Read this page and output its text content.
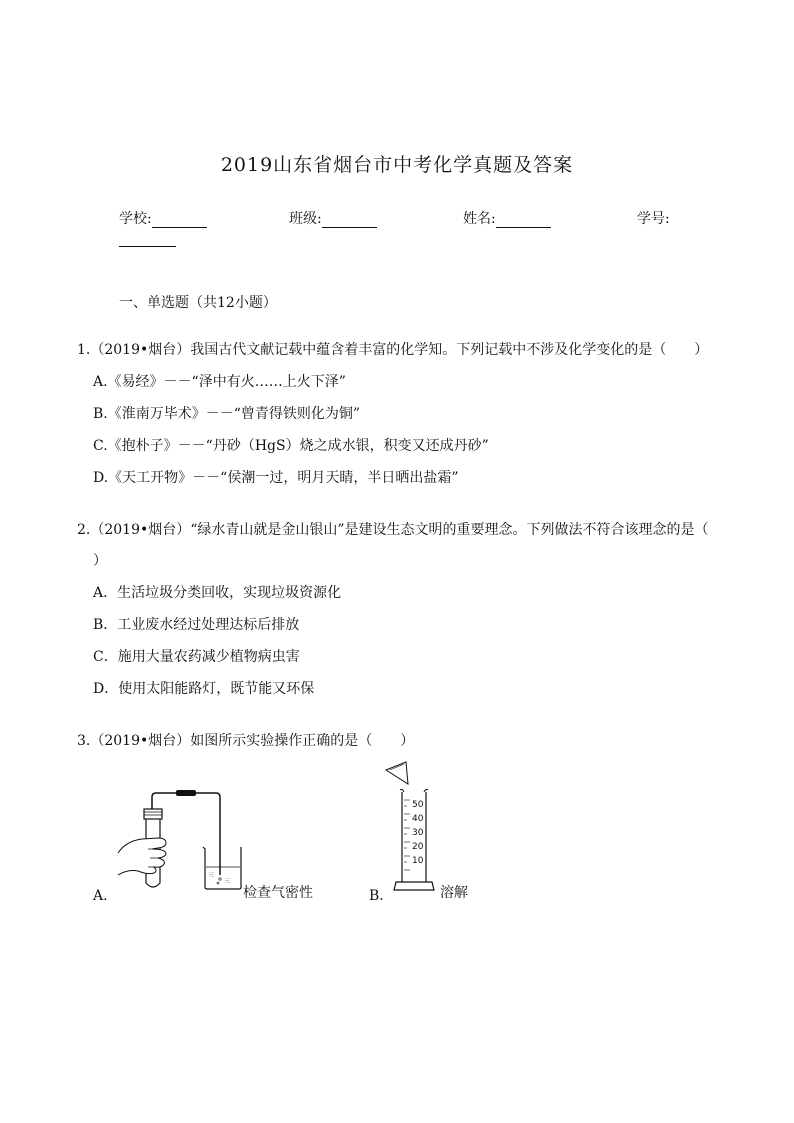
2019山东省烟台市中考化学真题及答案
学校:	班级:	姓名:	学号:
一、单选题（共12小题）
1.（2019•烟台）我国古代文献记载中蕴含着丰富的化学知。下列记载中不涉及化学变化的是（　　）
A.《易经》－－“泽中有火……上火下泽”
B.《淮南万毕术》－－“曾青得铁则化为铜”
C.《抱朴子》－－“丹砂（HgS）烧之成水银，积变又还成丹砂”
D.《天工开物》－－“侯潮一过，明月天睛，半日晒出盐霜”
2.（2019•烟台）“绿水青山就是金山银山”是建设生态文明的重要理念。下列做法不符合该理念的是（
）
A．生活垃圾分类回收，实现垃圾资源化
B．工业废水经过处理达标后排放
C．施用大量农药减少植物病虫害
D．使用太阳能路灯，既节能又环保
3.（2019•烟台）如图所示实验操作正确的是（　　）
三
三
A．	检查气密性
50
40
30
20
10
B．	溶解
